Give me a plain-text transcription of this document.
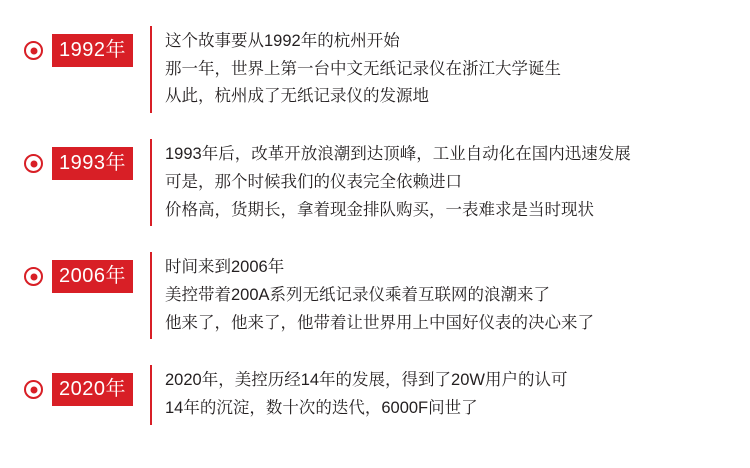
1992年	这个故事要从1992年的杭州开始
那一年，世界上第一台中文无纸记录仪在浙江大学诞生
从此，杭州成了无纸记录仪的发源地
1993年	1993年后，改革开放浪潮到达顶峰，工业自动化在国内迅速发展
可是，那个时候我们的仪表完全依赖进口
价格高，货期长，拿着现金排队购买，一表难求是当时现状
2006年	时间来到2006年
美控带着200A系列无纸记录仪乘着互联网的浪潮来了
他来了，他来了，他带着让世界用上中国好仪表的决心来了
2020年	2020年，美控历经14年的发展，得到了20W用户的认可
14年的沉淀，数十次的迭代，6000F问世了
